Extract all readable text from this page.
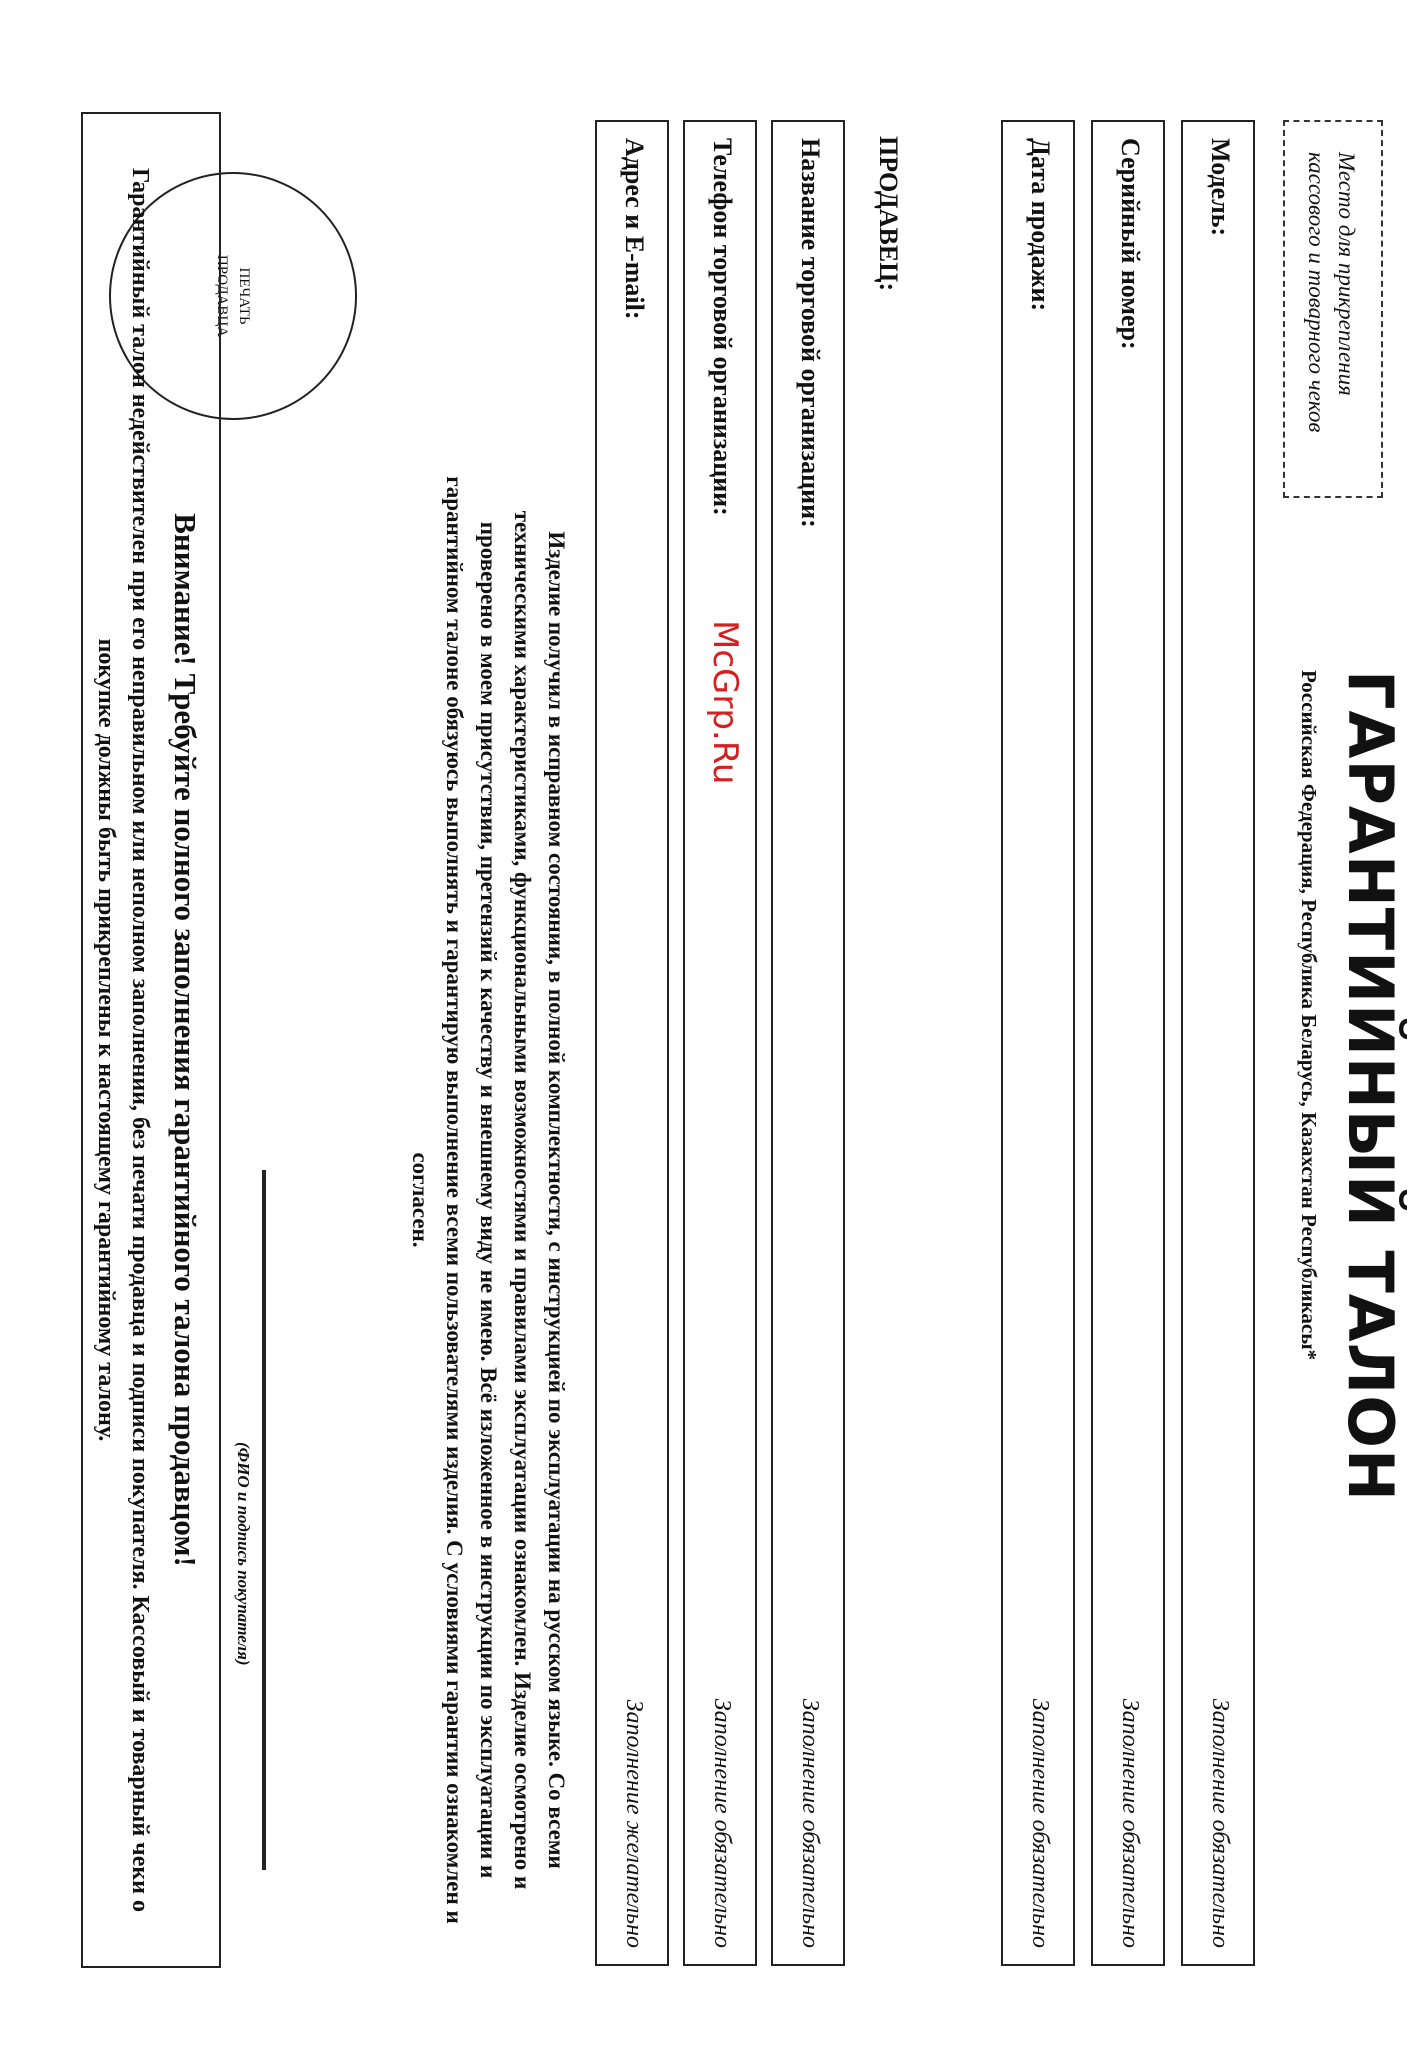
ГАРАНТИЙНЫЙ ТАЛОН
Российская Федерация, Республика Беларусь, Казахстан Республикасы*
Место для прикрепления
кассового и товарного чеков
Модель:
Заполнение обязательно
Серийный номер:
Заполнение обязательно
Дата продажи:
Заполнение обязательно
ПРОДАВЕЦ:
Название торговой организации:
Заполнение обязательно
Телефон торговой организации:
Заполнение обязательно
Адрес и E-mail:
Заполнение желательно
ПЕЧАТЬ
ПРОДАВЦА
Изделие получил в исправном состоянии, в полной комплектности, с инструкцией по эксплуатации на русском языке. Со всеми техническими характеристиками, функциональными возможностями и правилами эксплуатации ознакомлен. Изделие осмотрено и проверено в моем присутствии, претензий к качеству и внешнему виду не имею. Всё изложенное в инструкции по эксплуатации и гарантийном талоне обязуюсь выполнять и гарантирую выполнение всеми пользователями изделия. С условиями гарантии ознакомлен и согласен.
(ФИО и подпись покупателя)
Внимание! Требуйте полного заполнения гарантийного талона продавцом!
Гарантийный талон недействителен при его неправильном или неполном заполнении, без печати продавца и подписи покупателя. Кассовый и товарный чеки о покупке должны быть прикреплены к настоящему гарантийному талону.	McGrp.Ru
